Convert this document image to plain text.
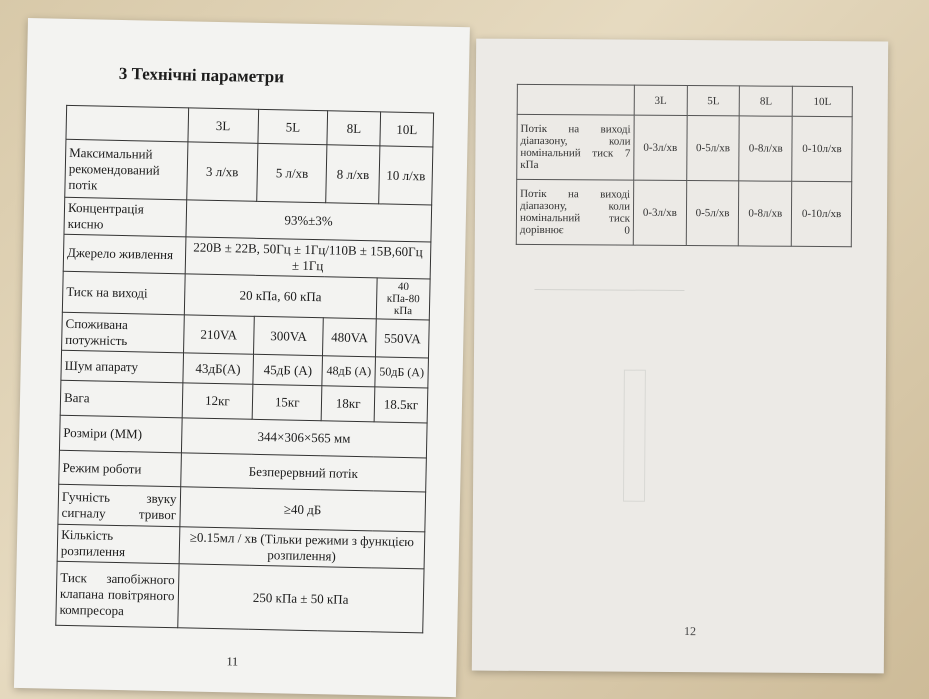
3 Технічні параметри
	3L	5L	8L	10L
Максимальний рекомендований потік	3 л/хв	5 л/хв	8 л/хв	10 л/хв
Концентрація кисню	93%±3%			
Джерело живлення	220В ± 22В, 50Гц ± 1Гц/110В ± 15В,60Гц ± 1Гц			
Тиск на виході	20 кПа, 60 кПа			40 кПа-80 кПа
Споживана потужність	210VA	300VA	480VA	550VA
Шум апарату	43дБ(А)	45дБ (А)	48дБ (А)	50дБ (А)
Вага	12кг	15кг	18кг	18.5кг
Розміри (ММ)	344×306×565 мм			
Режим роботи	Безперервний потік			
Гучність звуку сигналу тривог	≥40 дБ			
Кількість розпилення	≥0.15мл / хв (Тільки режими з функцією розпилення)			
Тиск запобіжного клапана повітряного компресора	250 кПа ± 50 кПа			
11
	3L	5L	8L	10L
Потік на виході діапазону, коли номінальний тиск 7 кПа	0-3л/хв	0-5л/хв	0-8л/хв	0-10л/хв
Потік на виході діапазону, коли номінальний тиск дорівнює 0	0-3л/хв	0-5л/хв	0-8л/хв	0-10л/хв
12
